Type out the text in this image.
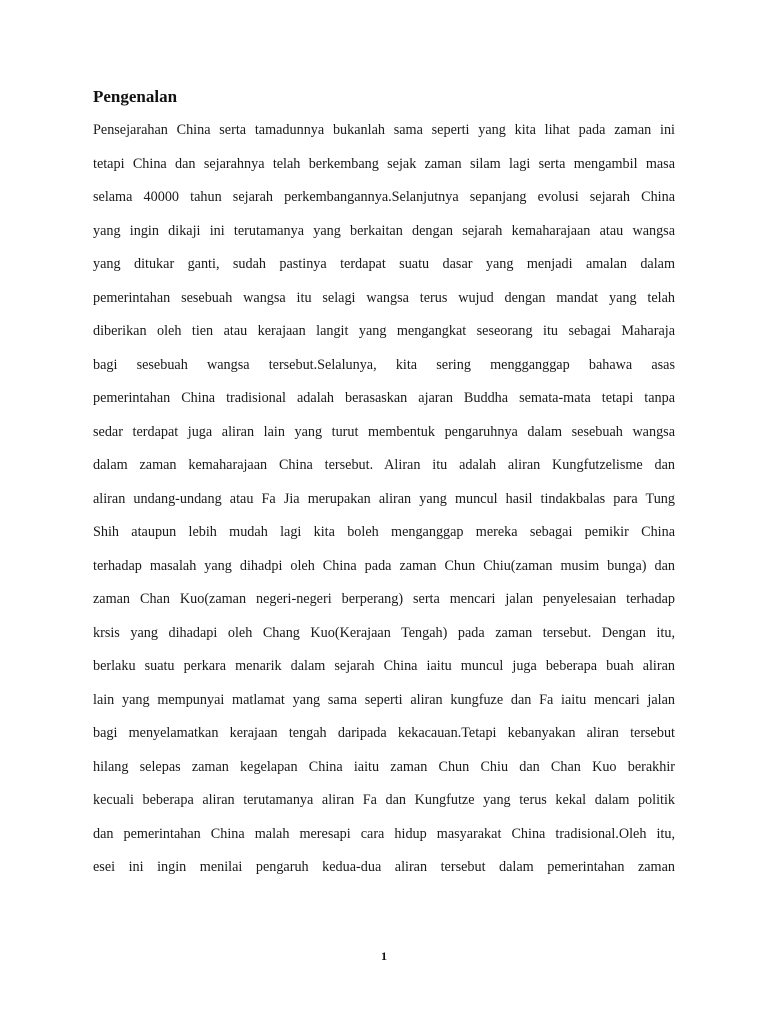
Pengenalan
Pensejarahan China serta tamadunnya bukanlah sama seperti yang kita lihat pada zaman ini
tetapi China dan sejarahnya telah berkembang sejak zaman silam lagi serta mengambil masa
selama 40000 tahun sejarah perkembangannya.Selanjutnya sepanjang evolusi sejarah China
yang ingin dikaji ini terutamanya yang berkaitan dengan sejarah kemaharajaan atau wangsa
yang ditukar ganti, sudah pastinya terdapat suatu dasar yang menjadi amalan dalam
pemerintahan sesebuah wangsa itu selagi wangsa terus wujud dengan mandat yang telah
diberikan oleh tien atau kerajaan langit yang mengangkat seseorang itu sebagai Maharaja
bagi sesebuah wangsa tersebut.Selalunya, kita sering mengganggap bahawa asas
pemerintahan China tradisional adalah berasaskan ajaran Buddha semata-mata tetapi tanpa
sedar terdapat juga aliran lain yang turut membentuk pengaruhnya dalam sesebuah wangsa
dalam zaman kemaharajaan China tersebut. Aliran itu adalah aliran Kungfutzelisme dan
aliran undang-undang atau Fa Jia merupakan aliran yang muncul hasil tindakbalas para Tung
Shih ataupun lebih mudah lagi kita boleh menganggap mereka sebagai pemikir China
terhadap masalah yang dihadpi oleh China pada zaman Chun Chiu(zaman musim bunga) dan
zaman Chan Kuo(zaman negeri-negeri berperang) serta mencari jalan penyelesaian terhadap
krsis yang dihadapi oleh Chang Kuo(Kerajaan Tengah) pada zaman tersebut. Dengan itu,
berlaku suatu perkara menarik dalam sejarah China iaitu muncul juga beberapa buah aliran
lain yang mempunyai matlamat yang sama seperti aliran kungfuze dan Fa iaitu mencari jalan
bagi menyelamatkan kerajaan tengah daripada kekacauan.Tetapi kebanyakan aliran tersebut
hilang selepas zaman kegelapan China iaitu zaman Chun Chiu dan Chan Kuo berakhir
kecuali beberapa aliran terutamanya aliran Fa dan Kungfutze yang terus kekal dalam politik
dan pemerintahan China malah meresapi cara hidup masyarakat China tradisional.Oleh itu,
esei ini ingin menilai pengaruh kedua-dua aliran tersebut dalam pemerintahan zaman
1
